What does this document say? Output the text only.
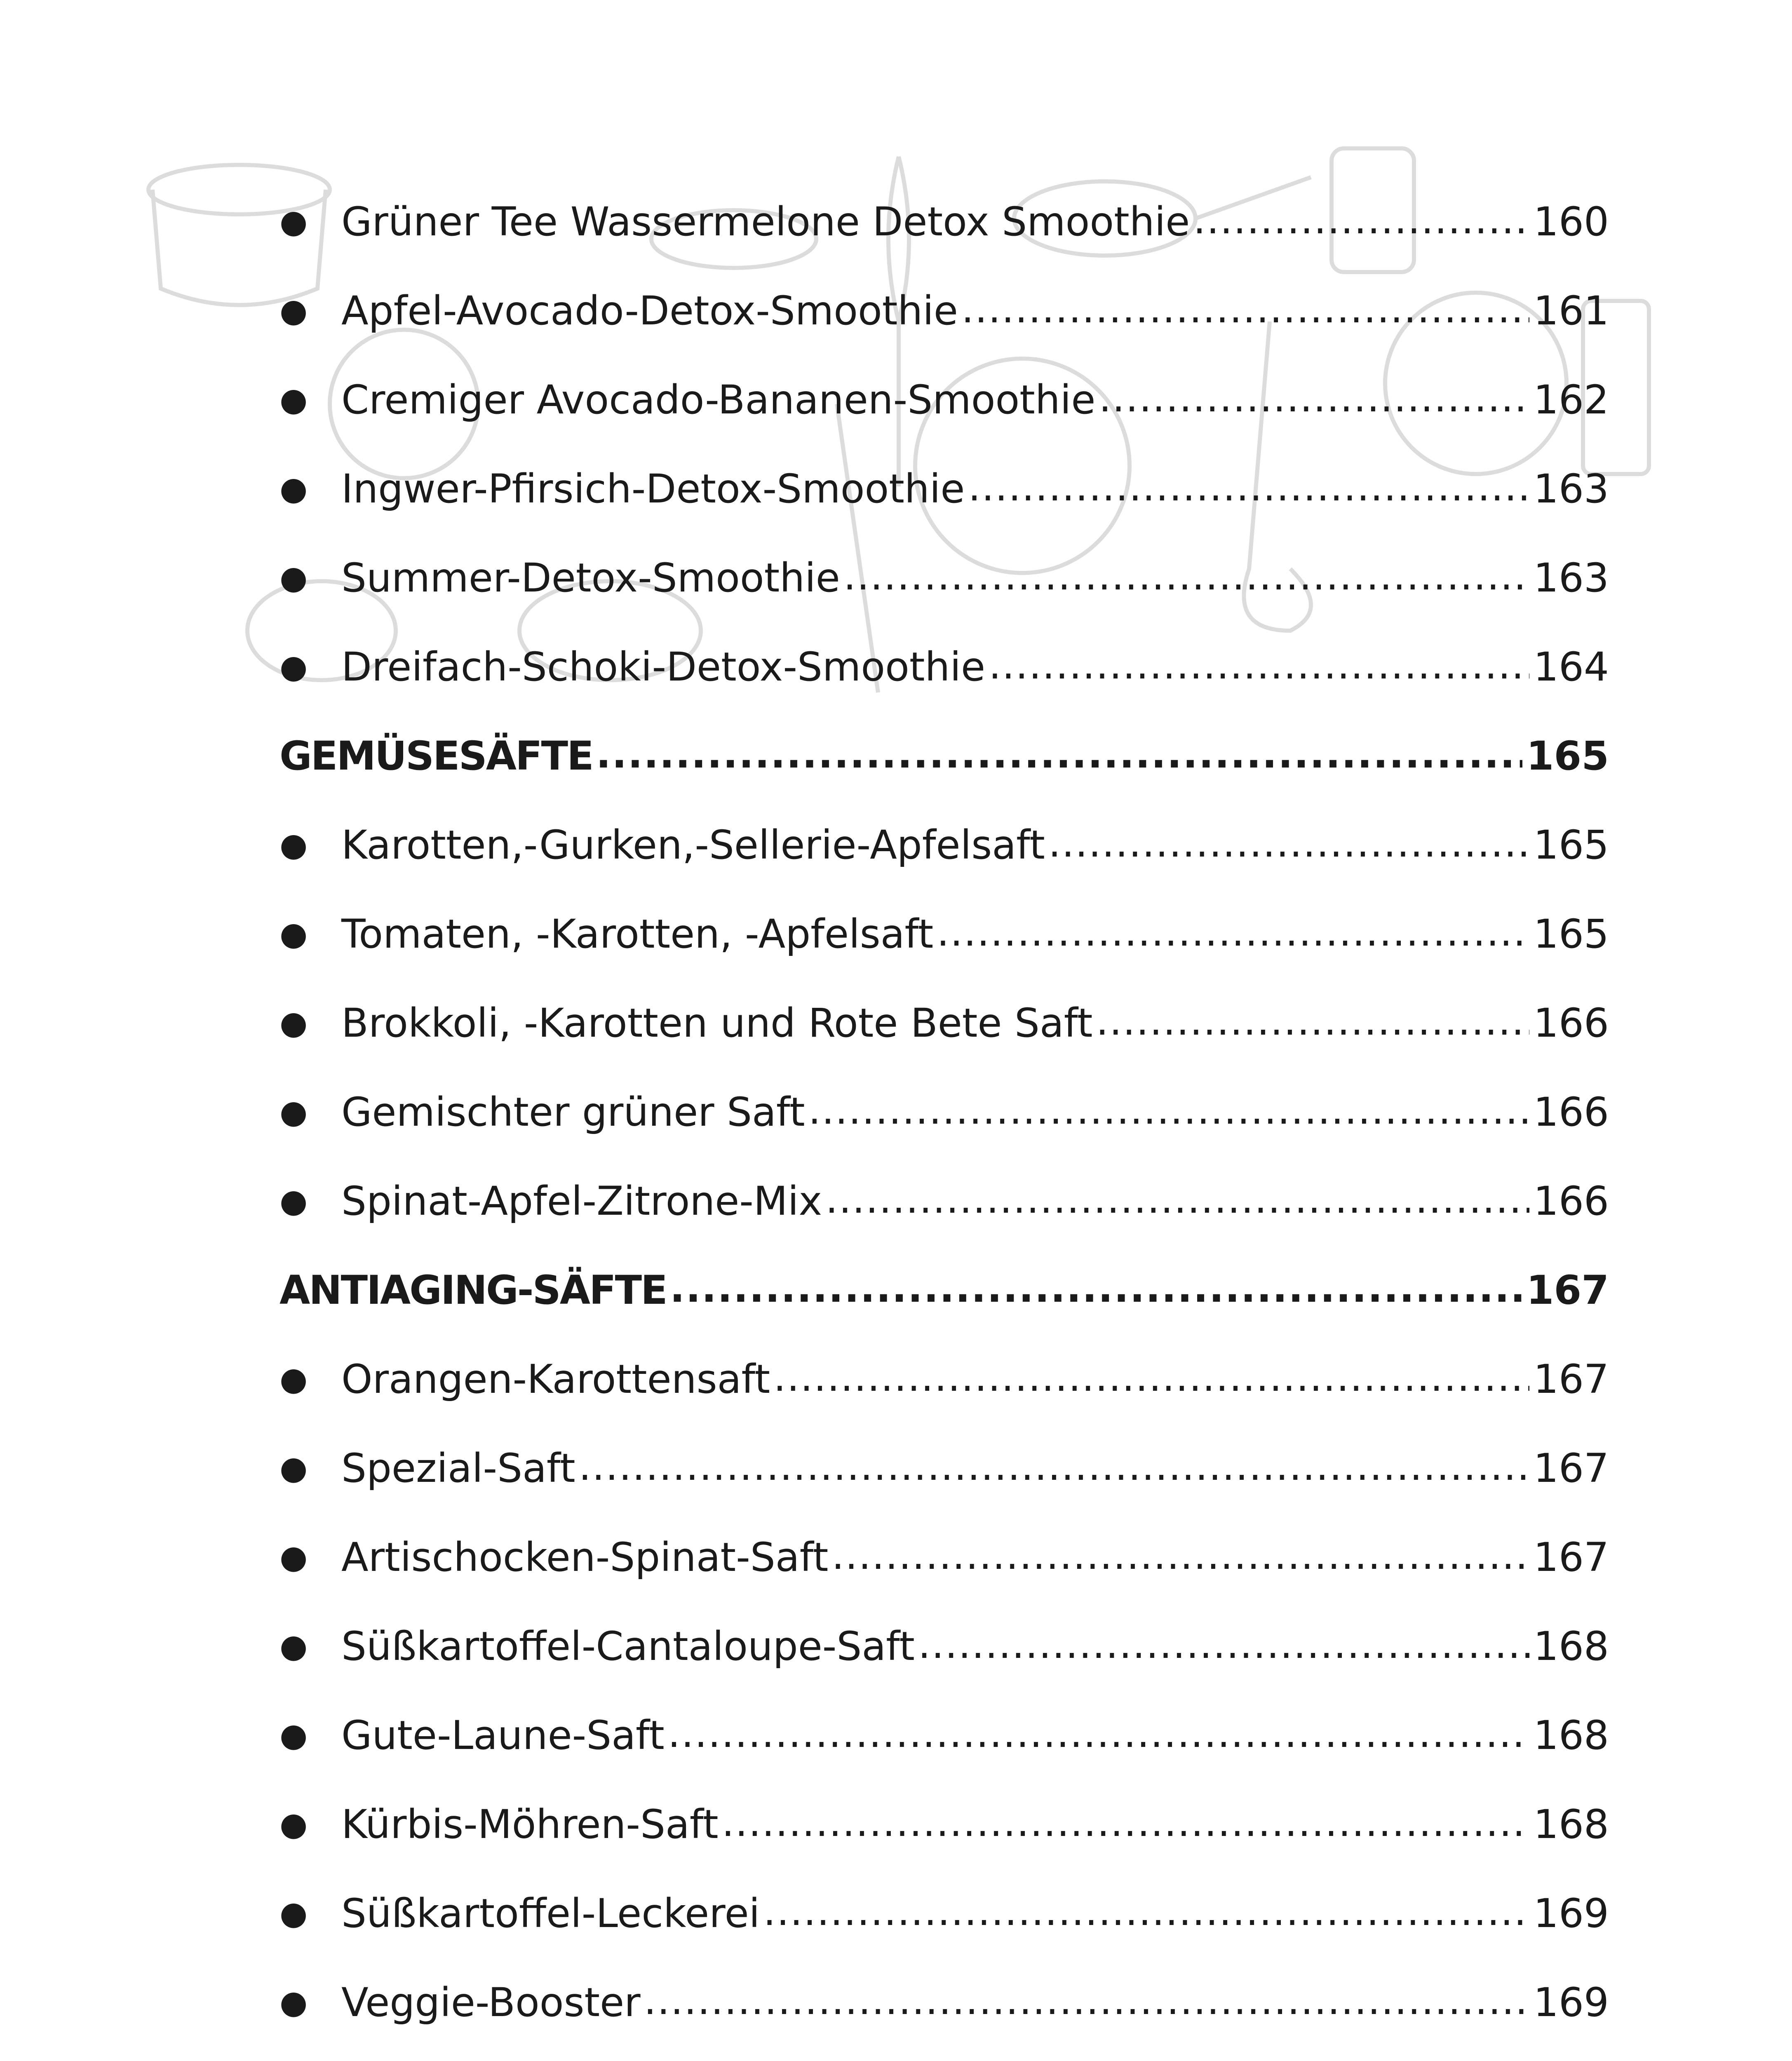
● Grüner Tee Wassermelone Detox Smoothie .....	160
● Apfel-Avocado-Detox-Smoothie .....	161
● Cremiger Avocado-Bananen-Smoothie .....	162
● Ingwer-Pfirsich-Detox-Smoothie .....	163
● Summer-Detox-Smoothie .....	163
● Dreifach-Schoki-Detox-Smoothie .....	164
GEMÜSESÄFTE .....	165
● Karotten,-Gurken,-Sellerie-Apfelsaft .....	165
● Tomaten, -Karotten, -Apfelsaft .....	165
● Brokkoli, -Karotten und Rote Bete Saft .....	166
● Gemischter grüner Saft .....	166
● Spinat-Apfel-Zitrone-Mix .....	166
ANTIAGING-SÄFTE .....	167
● Orangen-Karottensaft .....	167
● Spezial-Saft .....	167
● Artischocken-Spinat-Saft .....	167
● Süßkartoffel-Cantaloupe-Saft .....	168
● Gute-Laune-Saft .....	168
● Kürbis-Möhren-Saft .....	168
● Süßkartoffel-Leckerei .....	169
● Veggie-Booster .....	169
